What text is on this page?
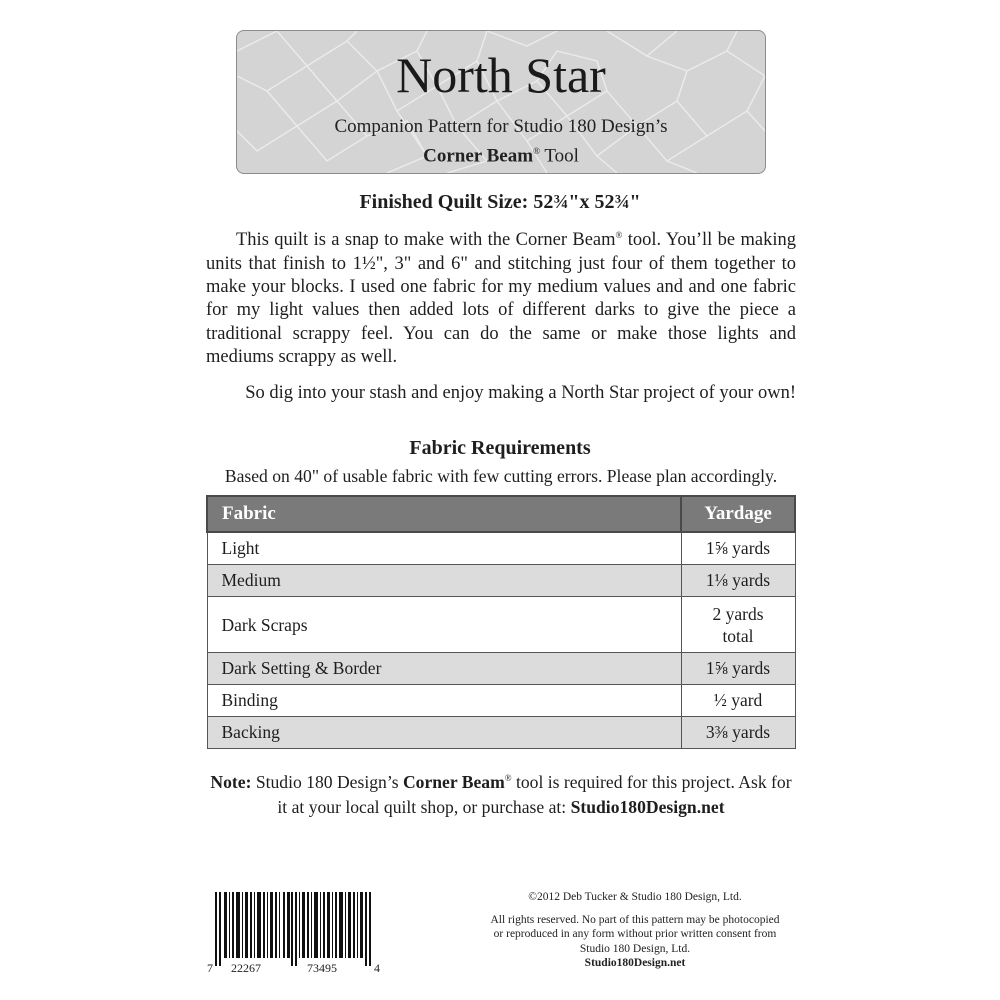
North Star
Companion Pattern for Studio 180 Design’s
Corner Beam® Tool
Finished Quilt Size: 52¾"x 52¾"

This quilt is a snap to make with the Corner Beam® tool. You’ll be making units that finish to 1½", 3" and 6" and stitching just four of them together to make your blocks. I used one fabric for my medium values and and one fabric for my light values then added lots of different darks to give the piece a traditional scrappy feel. You can do the same or make those lights and mediums scrappy as well.

So dig into your stash and enjoy making a North Star project of your own!

Fabric Requirements
Based on 40" of usable fabric with few cutting errors. Please plan accordingly.
Fabric	Yardage
Light	1⅝ yards
Medium	1⅛ yards
Dark Scraps	2 yards
total
Dark Setting & Border	1⅝ yards
Binding	½ yard
Backing	3⅜ yards
Note: Studio 180 Design’s Corner Beam® tool is required for this project. Ask for it at your local quilt shop, or purchase at: Studio180Design.net
7 22267	73495	4
©2012 Deb Tucker & Studio 180 Design, Ltd.
All rights reserved. No part of this pattern may be photocopied
or reproduced in any form without prior written consent from
Studio 180 Design, Ltd.
Studio180Design.net
